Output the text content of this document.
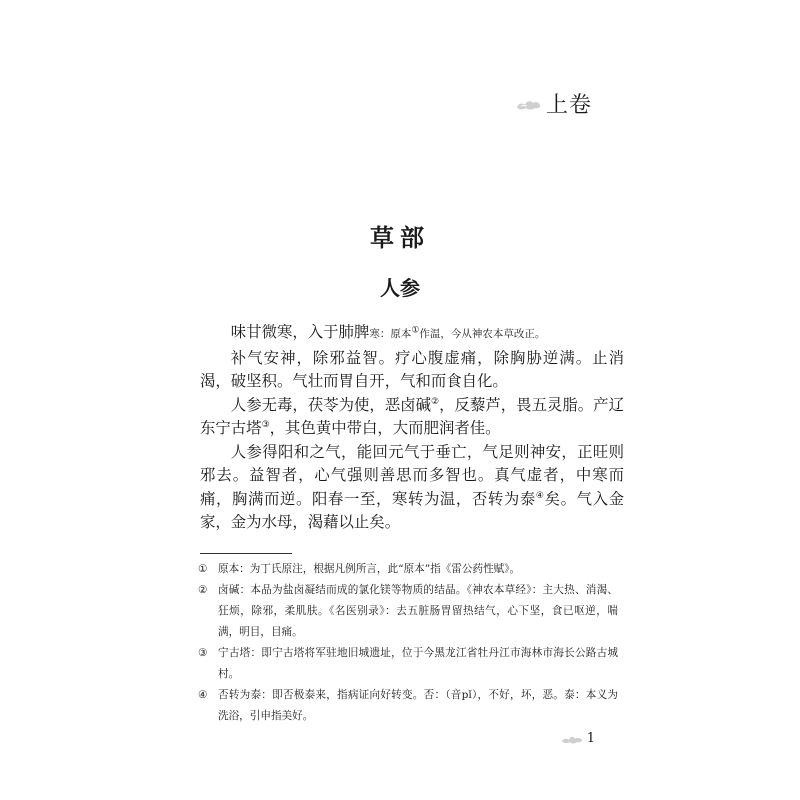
上卷
草部
人参

味甘微寒，入于肺脾寒：原本①作温，今从神农本草改正。

补气安神，除邪益智。疗心腹虚痛，除胸胁逆满。止消渴，破坚积。气壮而胃自开，气和而食自化。

人参无毒，茯苓为使，恶卤碱②，反藜芦，畏五灵脂。产辽东宁古塔③，其色黄中带白，大而肥润者佳。

人参得阳和之气，能回元气于垂亡，气足则神安，正旺则邪去。益智者，心气强则善思而多智也。真气虚者，中寒而痛，胸满而逆。阳春一至，寒转为温，否转为泰④矣。气入金家，金为水母，渴藉以止矣。

① 原本：为丁氏原注，根据凡例所言，此“原本”指《雷公药性赋》。
② 卤碱：本品为盐卤凝结而成的氯化镁等物质的结晶。《神农本草经》：主大热、消渴、狂烦，除邪，柔肌肤。《名医别录》：去五脏肠胃留热结气，心下坚，食已呕逆，喘满，明目，目痛。
③ 宁古塔：即宁古塔将军驻地旧城遗址，位于今黑龙江省牡丹江市海林市海长公路古城村。
④ 否转为泰：即否极泰来，指病证向好转变。否：（音pǐ），不好，坏，恶。泰：本义为洗浴，引申指美好。
1
